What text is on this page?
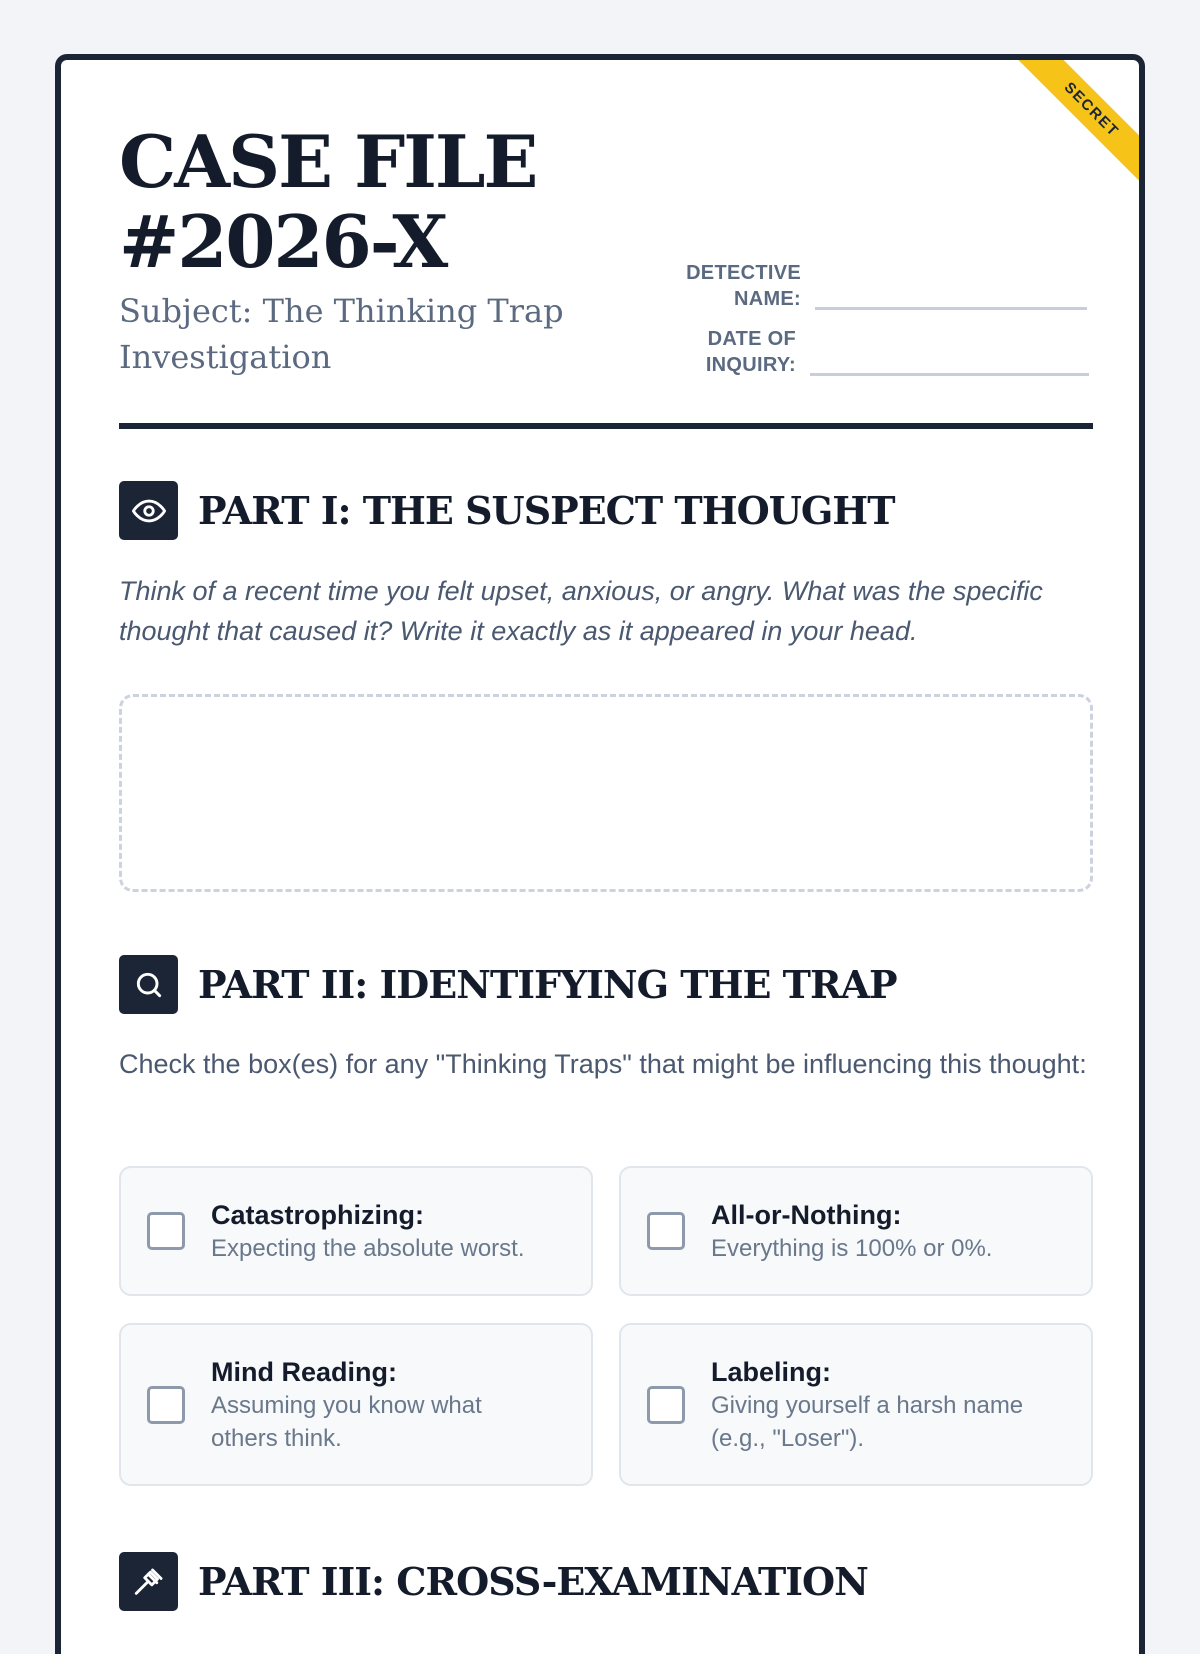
SECRET
CASE FILE #2026-X

Subject: The Thinking Trap Investigation

DETECTIVE NAME:
DATE OF INQUIRY:
PART I: THE SUSPECT THOUGHT

Think of a recent time you felt upset, anxious, or angry. What was the specific thought that caused it? Write it exactly as it appeared in your head.

PART II: IDENTIFYING THE TRAP

Check the box(es) for any "Thinking Traps" that might be influencing this thought:

Catastrophizing:
Expecting the absolute worst.
All-or-Nothing:
Everything is 100% or 0%.
Mind Reading:
Assuming you know what others think.
Labeling:
Giving yourself a harsh name (e.g., "Loser").
PART III: CROSS-EXAMINATION
